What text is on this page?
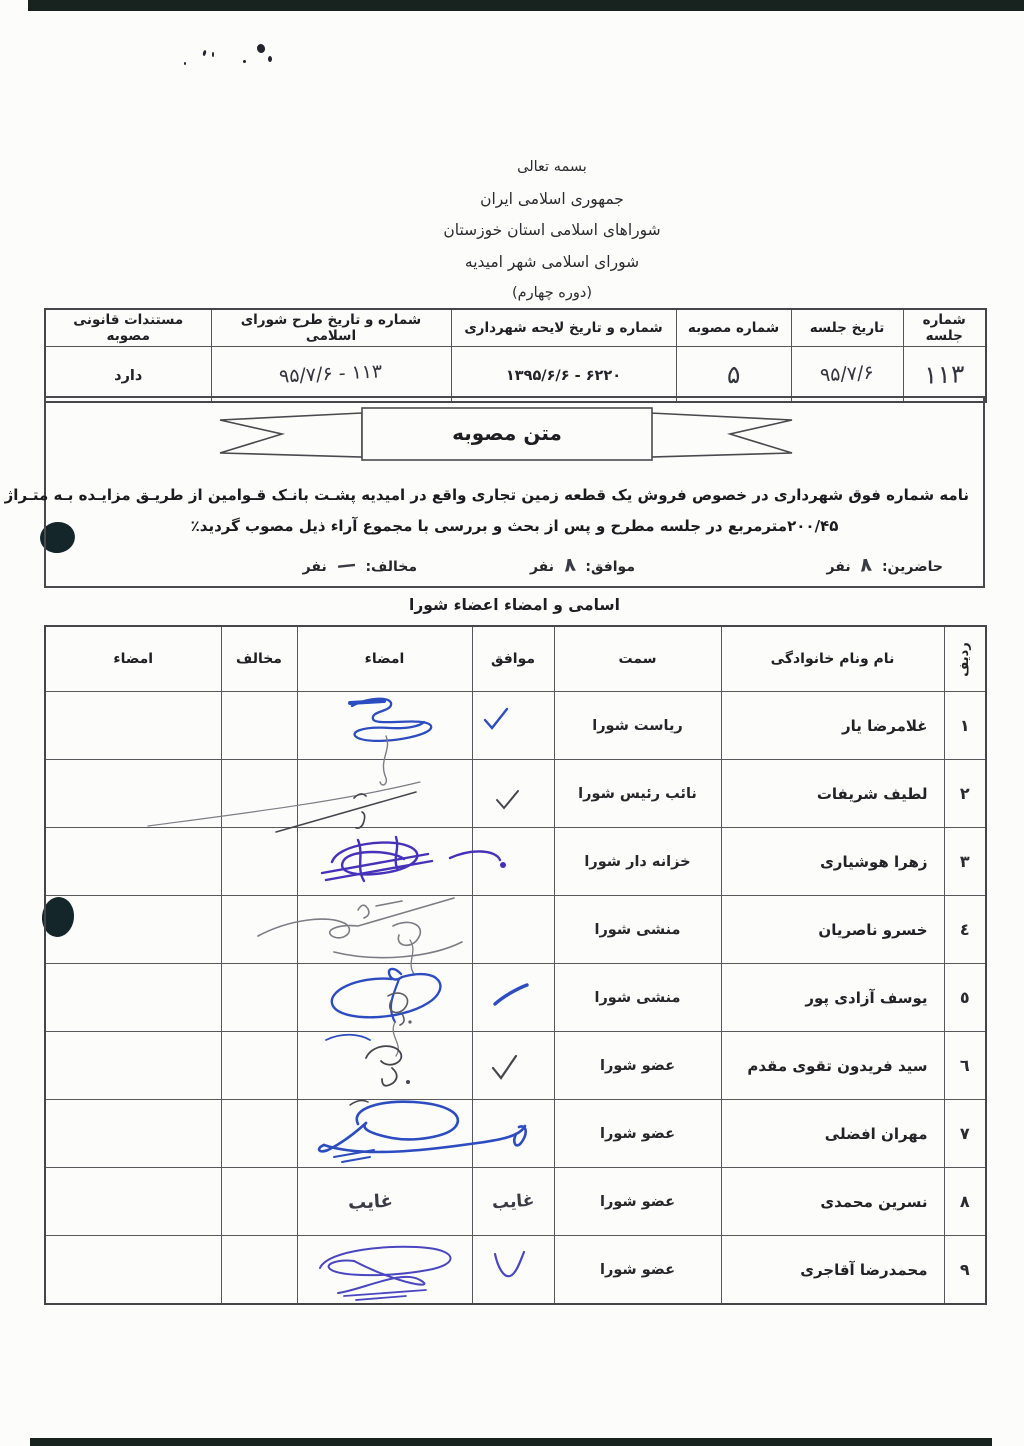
بسمه تعالی
جمهوری اسلامی ایران
شوراهای اسلامی استان خوزستان
شورای اسلامی شهر امیدیه
(دوره چهارم)
شماره جلسه	تاریخ جلسه	شماره مصوبه	شماره و تاریخ لایحه شهرداری	شماره و تاریخ طرح شورای اسلامی	مستندات قانونی مصوبه
۱۱۳	۹۵/۷/۶	۵	۱۳۹۵/۶/۶ - ۶۲۲۰	۹۵/۷/۶ - ۱۱۳	دارد
متن مصوبه
نامه شماره فوق شهرداری در خصوص فروش یک قطعه زمین تجاری واقع در امیدیه پشـت بانـک قـوامین از طریـق مزایـده بـه متـراژ
۲۰۰/۴۵مترمربع در جلسه مطرح و پس از بحث و بررسی با مجموع آراء ذیل مصوب گردید٪
حاضرین: ۸ نفر
موافق: ۸ نفر
مخالف: — نفر
اسامی و امضاء اعضاء شورا
ردیف	نام ونام خانوادگی	سمت	موافق	امضاء	مخالف	امضاء
١	غلامرضا یار	ریاست شورا	

٢	لطیف شریفات	نائب رئیس شورا	

٣	زهرا هوشیاری	خزانه دار شورا		

٤	خسرو ناصریان	منشی شورا		

٥	یوسف آزادی پور	منشی شورا	

٦	سید فریدون تقوی مقدم	عضو شورا	

٧	مهران افضلی	عضو شورا		

٨	نسرین محمدی	عضو شورا	غایب	غایب		
٩	محمدرضا آقاجری	عضو شورا	
